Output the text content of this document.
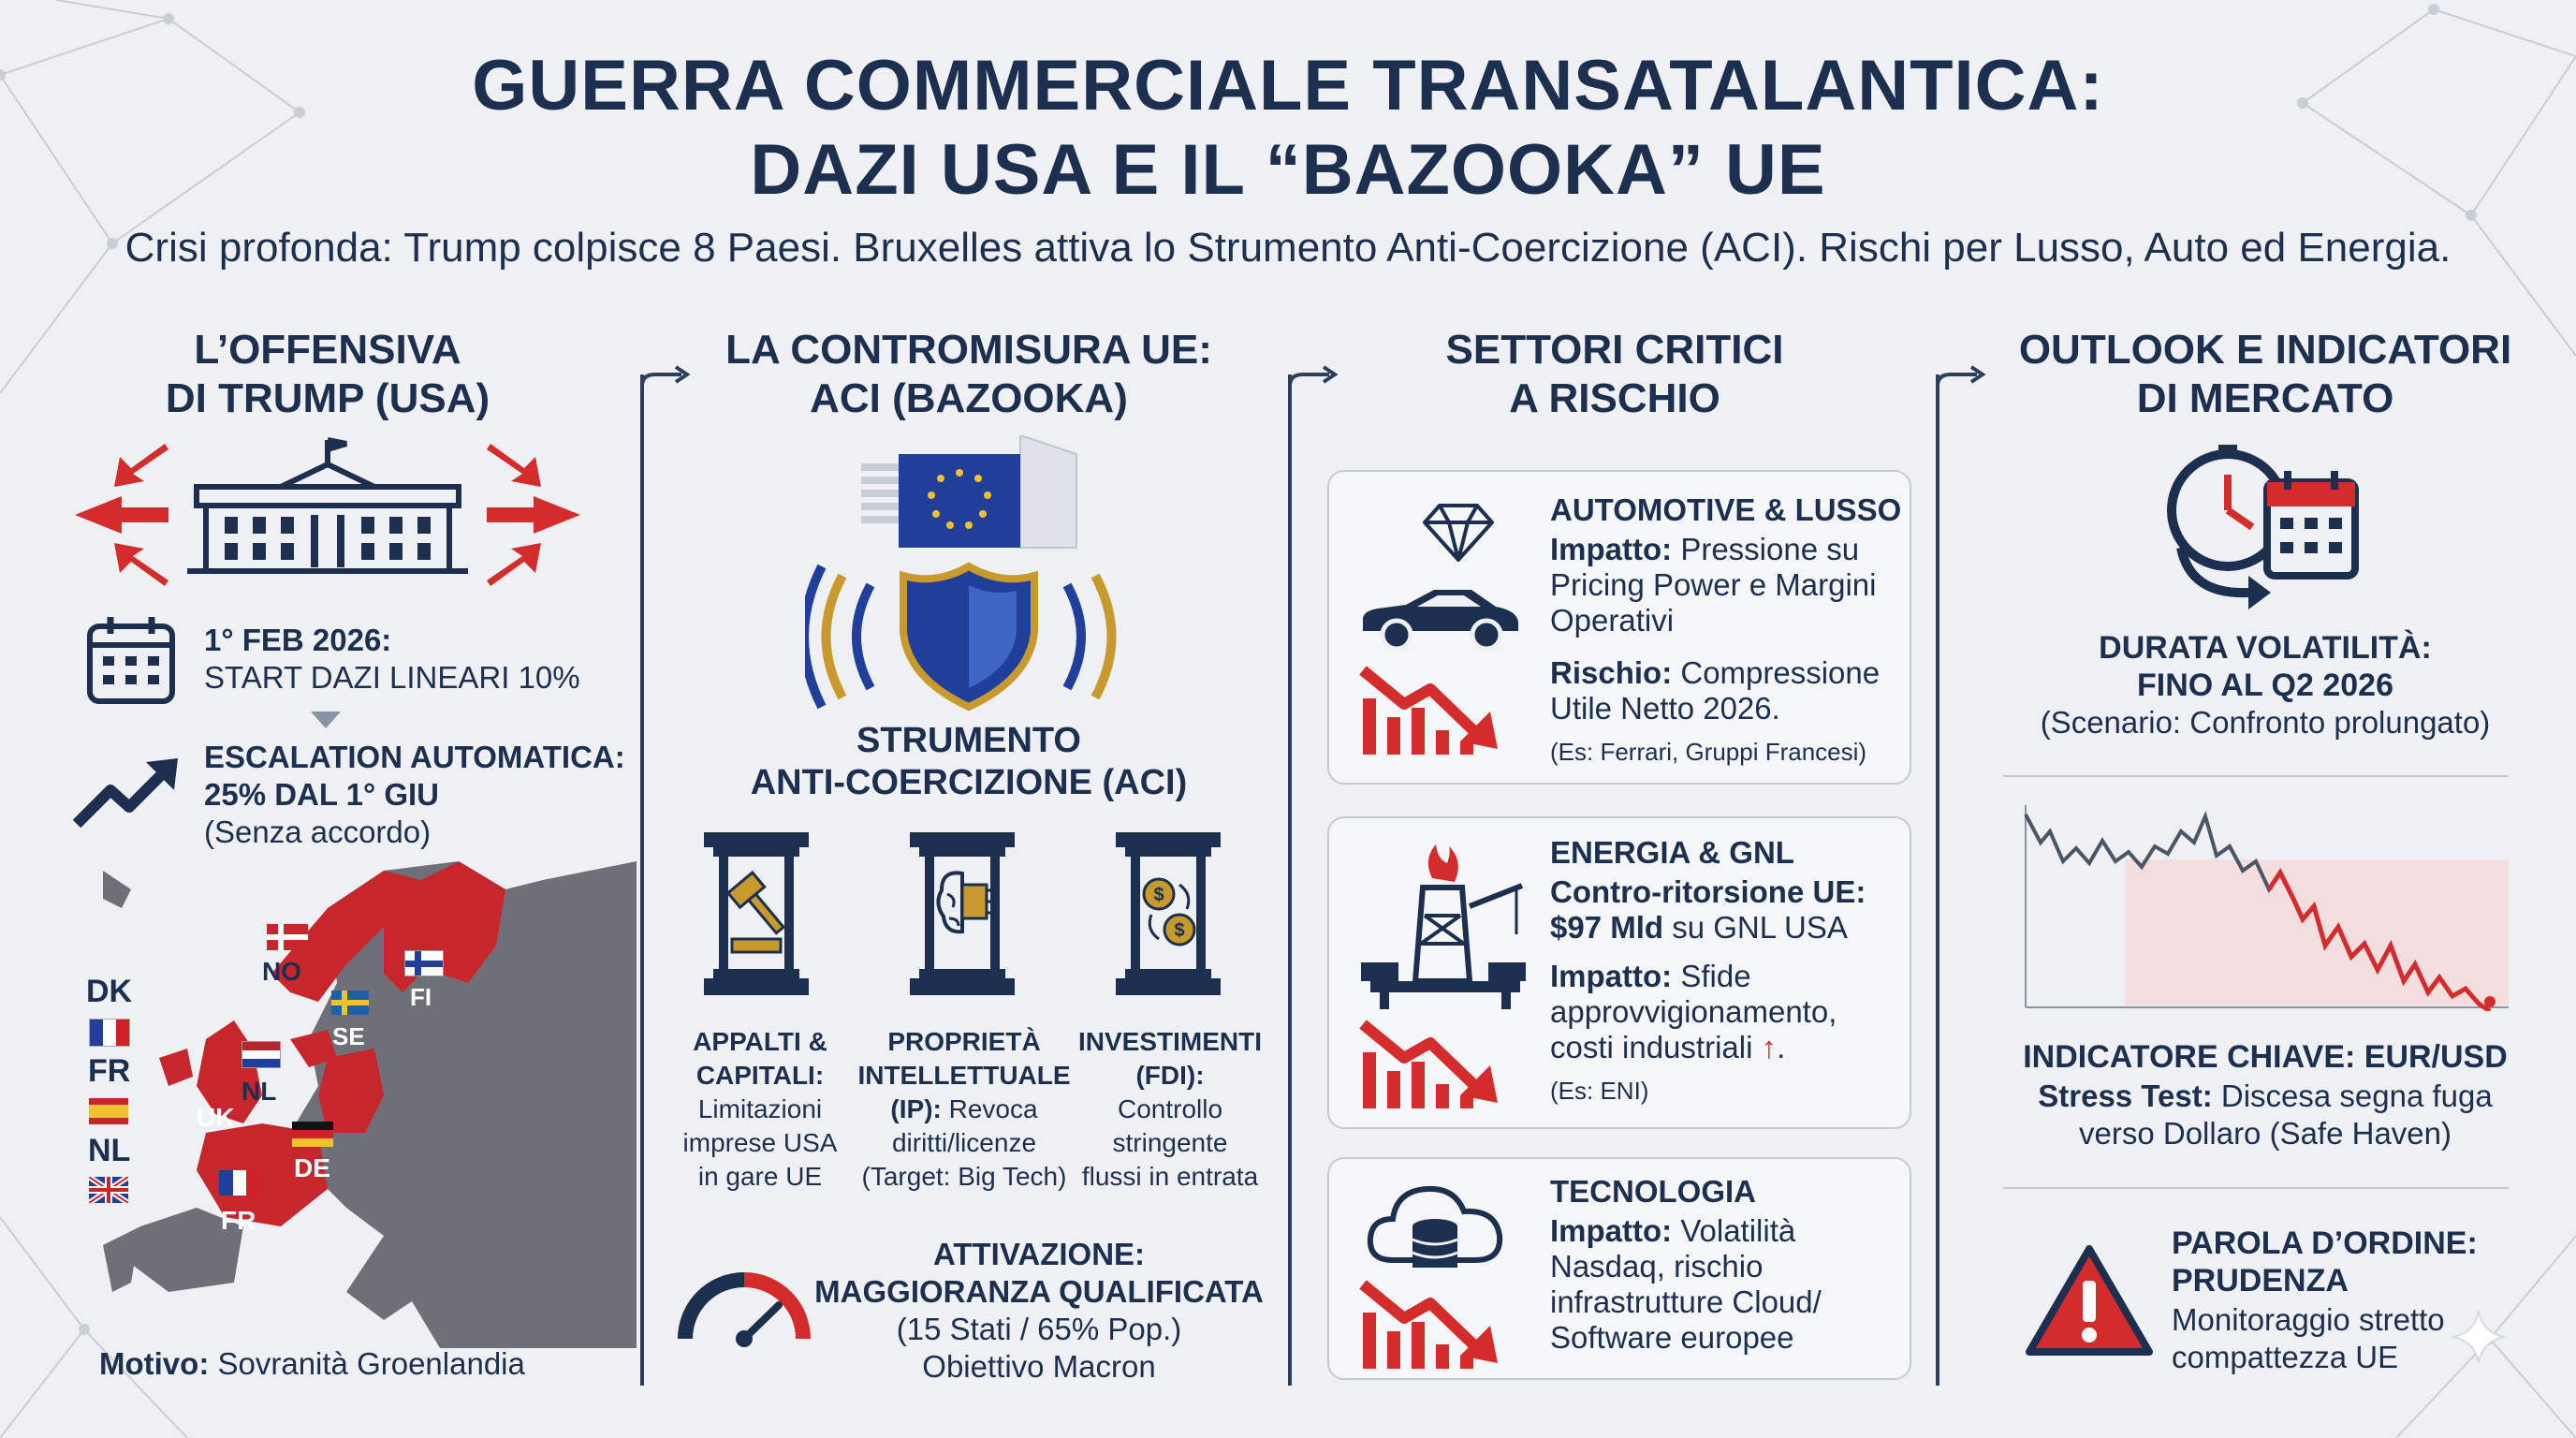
GUERRA COMMERCIALE TRANSATALANTICA:
DAZI USA E IL “BAZOOKA” UE
Crisi profonda: Trump colpisce 8 Paesi. Bruxelles attiva lo Strumento Anti-Coercizione (ACI). Rischi per Lusso, Auto ed Energia.
L’OFFENSIVA
DI TRUMP (USA)
1° FEB 2026:
START DAZI LINEARI 10%
ESCALATION AUTOMATICA:
25% DAL 1° GIU
(Senza accordo)
NO
FI
SE
NL
UK
DE
FR
DK
FR
NL
Motivo: Sovranità Groenlandia
LA CONTROMISURA UE:
ACI (BAZOOKA)
STRUMENTO
ANTI-COERCIZIONE (ACI)
$
$
APPALTI &
CAPITALI:
Limitazioni
imprese USA
in gare UE
PROPRIETÀ
INTELLETTUALE
(IP): Revoca
diritti/licenze
(Target: Big Tech)
INVESTIMENTI
(FDI):
Controllo
stringente
flussi in entrata
ATTIVAZIONE:
MAGGIORANZA QUALIFICATA
(15 Stati / 65% Pop.)
Obiettivo Macron
SETTORI CRITICI
A RISCHIO
AUTOMOTIVE & LUSSO
Impatto: Pressione su
Pricing Power e Margini
Operativi
Rischio: Compressione
Utile Netto 2026.
(Es: Ferrari, Gruppi Francesi)
ENERGIA & GNL
Contro-ritorsione UE:
$97 Mld su GNL USA
Impatto: Sfide
approvvigionamento,
costi industriali ↑.
(Es: ENI)
TECNOLOGIA
Impatto: Volatilità
Nasdaq, rischio
infrastrutture Cloud/
Software europee
OUTLOOK E INDICATORI
DI MERCATO
DURATA VOLATILITÀ:
FINO AL Q2 2026
(Scenario: Confronto prolungato)
INDICATORE CHIAVE: EUR/USD
Stress Test: Discesa segna fuga
verso Dollaro (Safe Haven)
PAROLA D’ORDINE:
PRUDENZA
Monitoraggio stretto
compattezza UE
